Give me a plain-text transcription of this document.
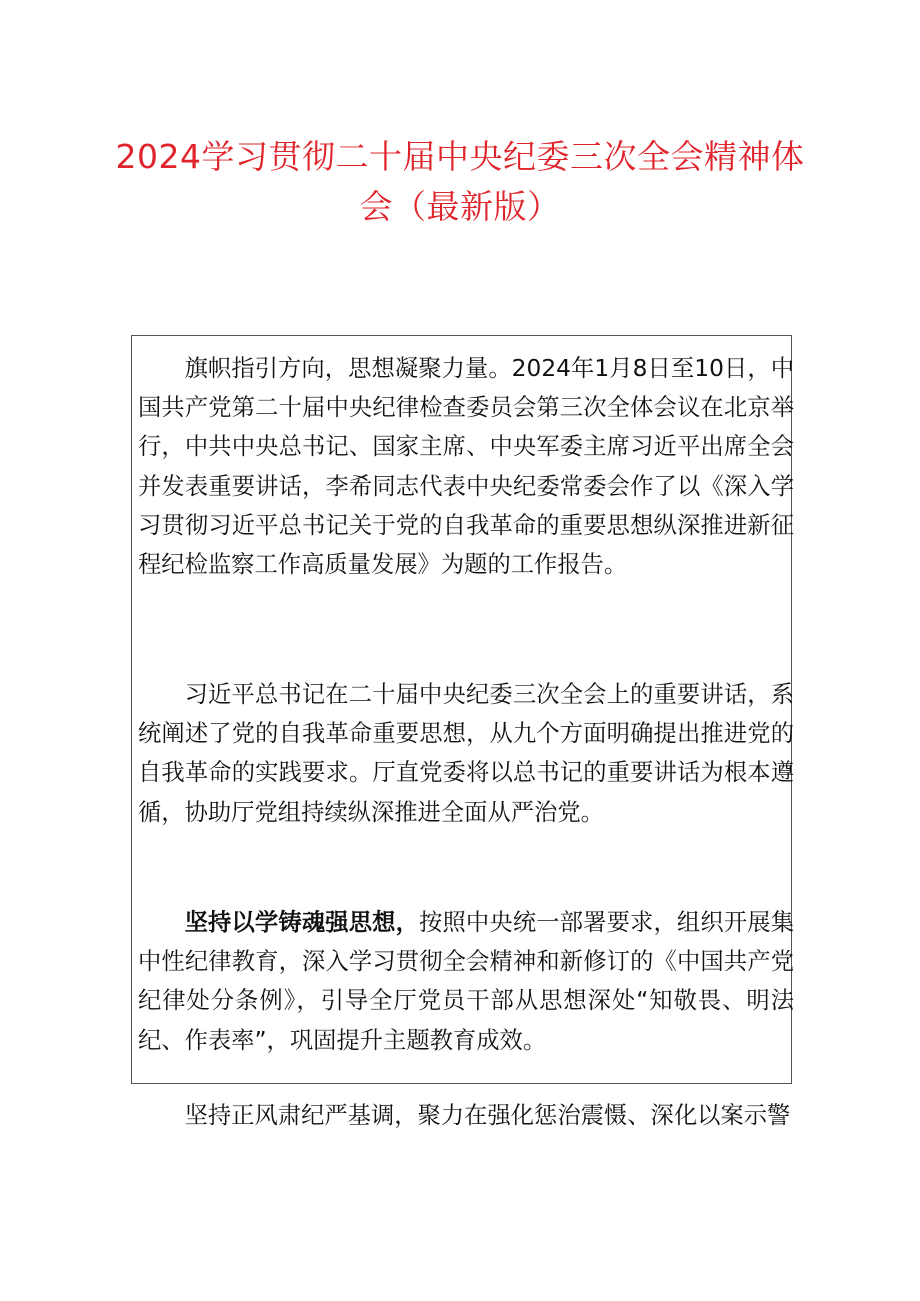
2024学习贯彻二十届中央纪委三次全会精神体会（最新版）

旗帜指引方向，思想凝聚力量。2024年1月8日至10日，中国共产党第二十届中央纪律检查委员会第三次全体会议在北京举行，中共中央总书记、国家主席、中央军委主席习近平出席全会并发表重要讲话，李希同志代表中央纪委常委会作了以《深入学习贯彻习近平总书记关于党的自我革命的重要思想纵深推进新征程纪检监察工作高质量发展》为题的工作报告。

习近平总书记在二十届中央纪委三次全会上的重要讲话，系统阐述了党的自我革命重要思想，从九个方面明确提出推进党的自我革命的实践要求。厅直党委将以总书记的重要讲话为根本遵循，协助厅党组持续纵深推进全面从严治党。

坚持以学铸魂强思想，按照中央统一部署要求，组织开展集中性纪律教育，深入学习贯彻全会精神和新修订的《中国共产党纪律处分条例》，引导全厅党员干部从思想深处“知敬畏、明法纪、作表率”，巩固提升主题教育成效。

坚持正风肃纪严基调，聚力在强化惩治震慑、深化以案示警
